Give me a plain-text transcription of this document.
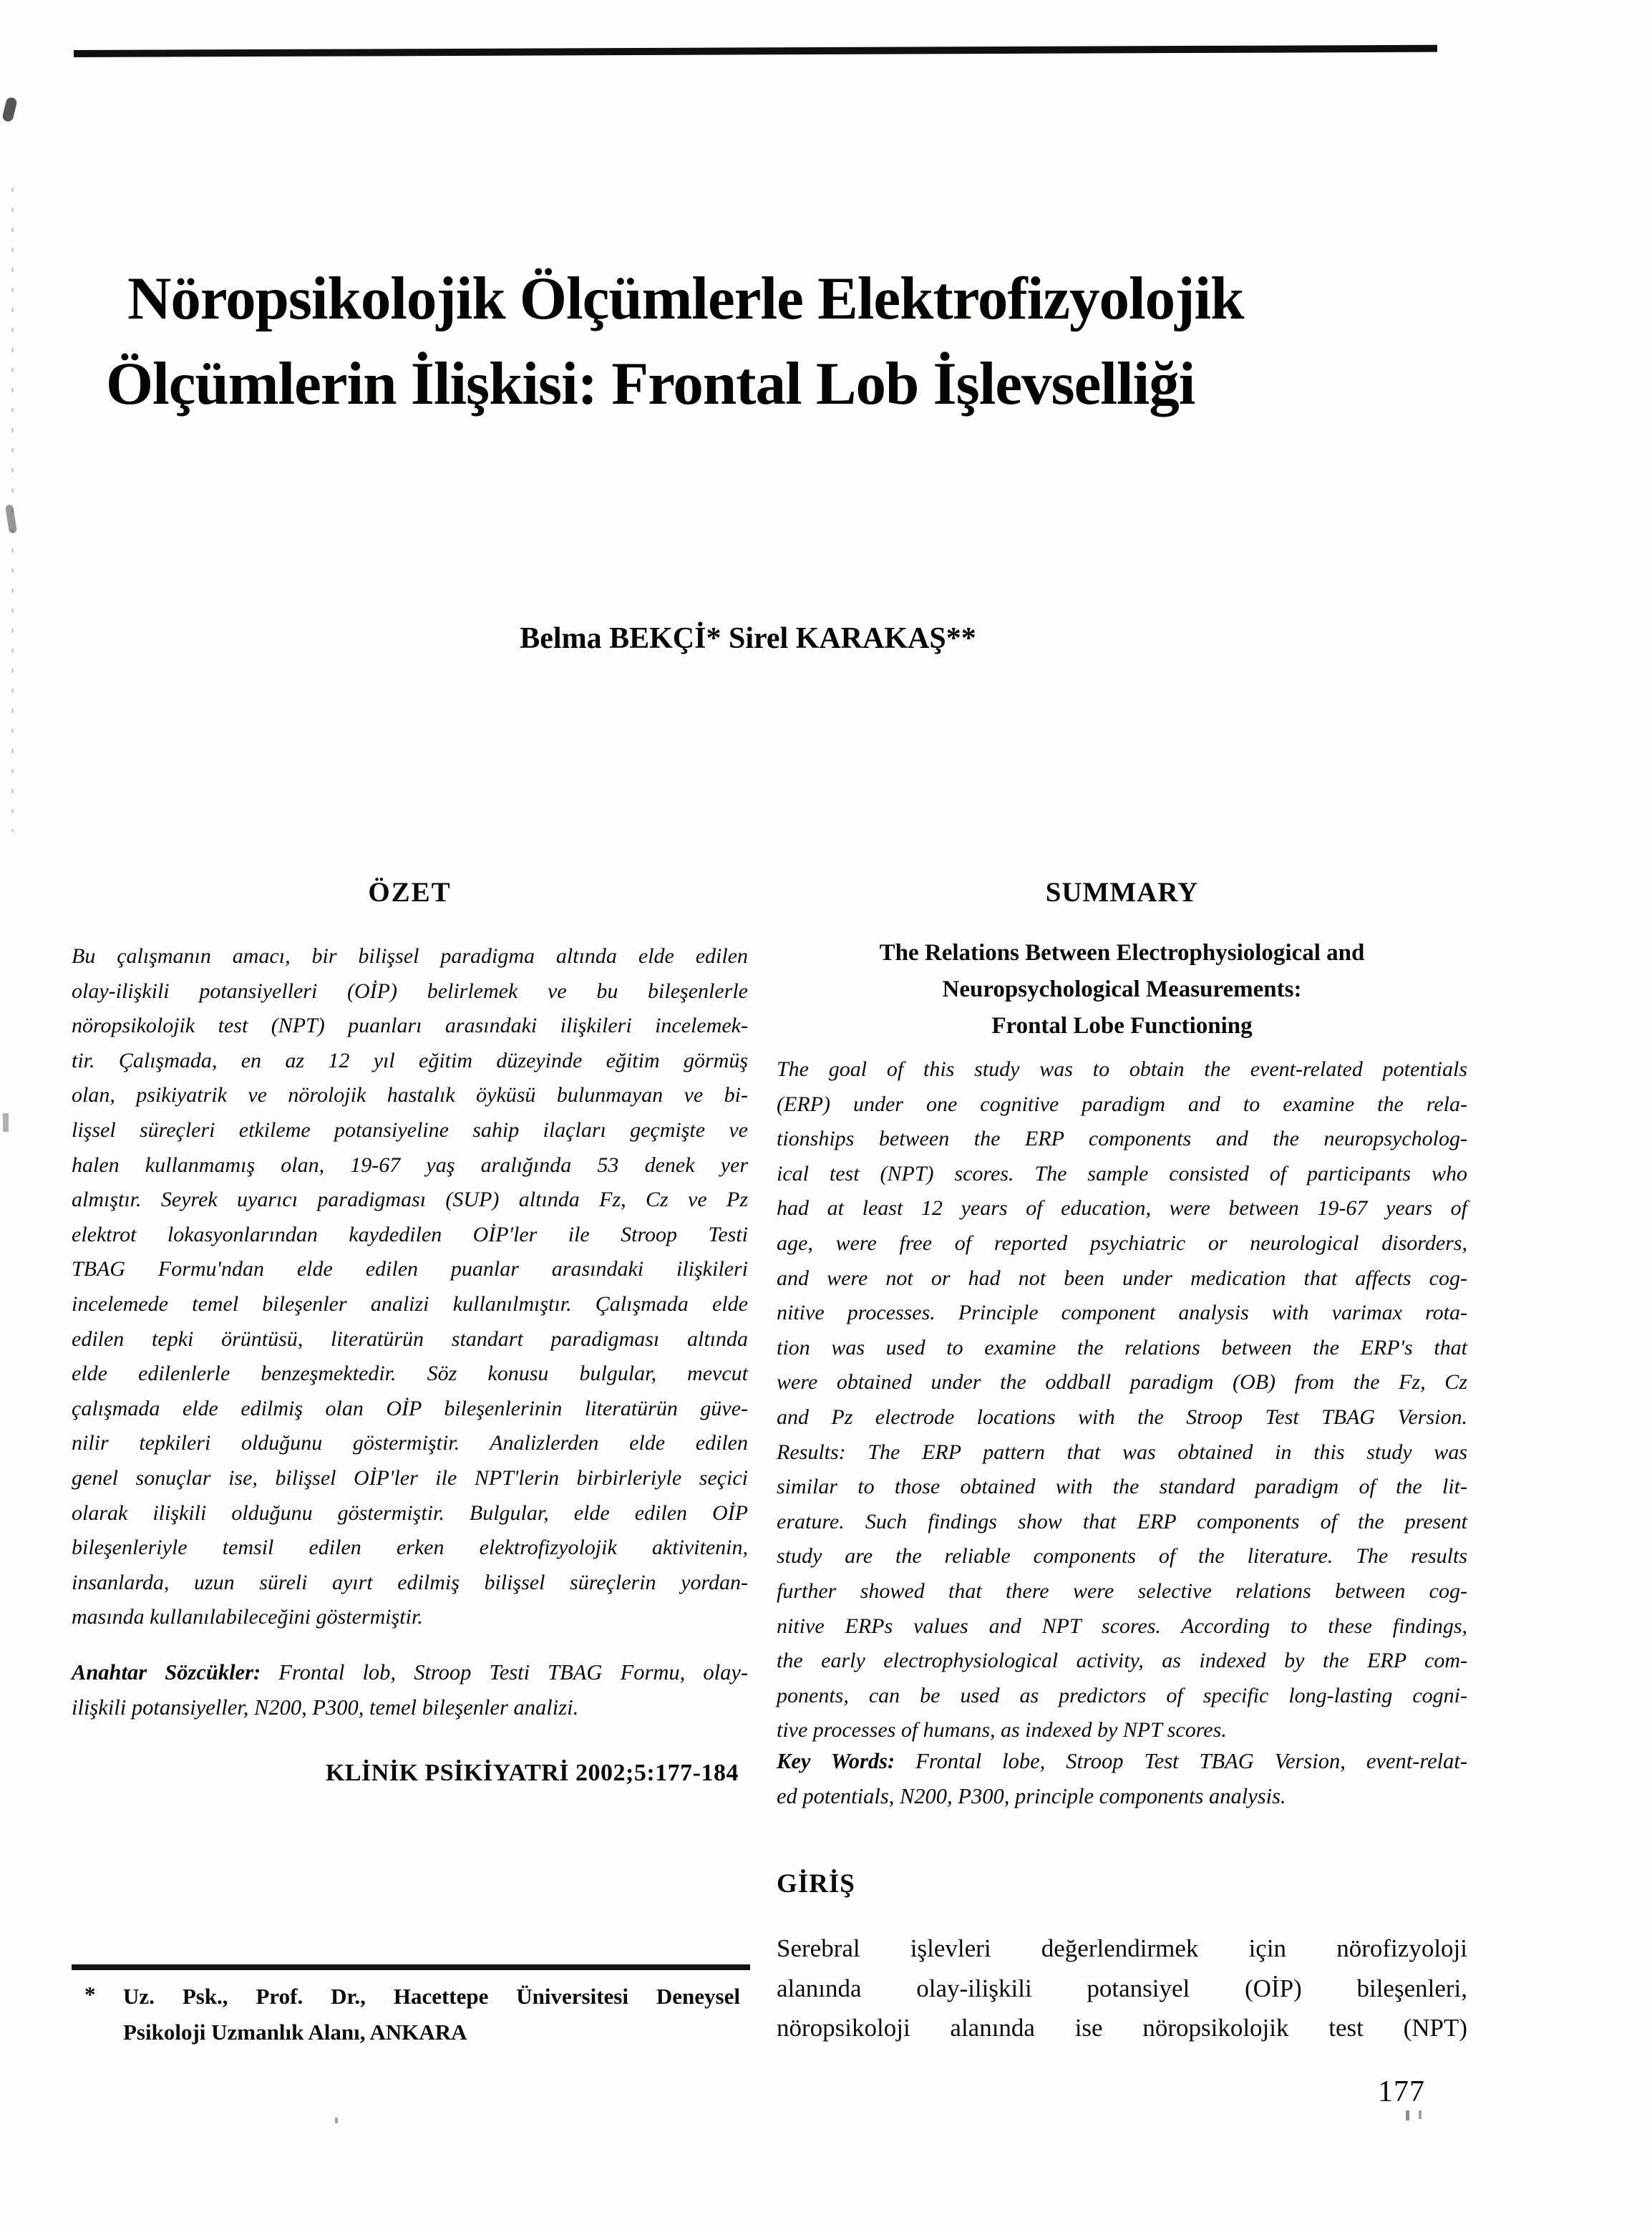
Nöropsikolojik Ölçümlerle Elektrofizyolojik
Ölçümlerin İlişkisi: Frontal Lob İşlevselliği
Belma BEKÇİ* Sirel KARAKAŞ**
ÖZET
Bu çalışmanın amacı, bir bilişsel paradigma altında elde edilen
olay-ilişkili potansiyelleri (OİP) belirlemek ve bu bileşenlerle
nöropsikolojik test (NPT) puanları arasındaki ilişkileri incelemek-
tir. Çalışmada, en az 12 yıl eğitim düzeyinde eğitim görmüş
olan, psikiyatrik ve nörolojik hastalık öyküsü bulunmayan ve bi-
lişsel süreçleri etkileme potansiyeline sahip ilaçları geçmişte ve
halen kullanmamış olan, 19-67 yaş aralığında 53 denek yer
almıştır. Seyrek uyarıcı paradigması (SUP) altında Fz, Cz ve Pz
elektrot lokasyonlarından kaydedilen OİP'ler ile Stroop Testi
TBAG Formu'ndan elde edilen puanlar arasındaki ilişkileri
incelemede temel bileşenler analizi kullanılmıştır. Çalışmada elde
edilen tepki örüntüsü, literatürün standart paradigması altında
elde edilenlerle benzeşmektedir. Söz konusu bulgular, mevcut
çalışmada elde edilmiş olan OİP bileşenlerinin literatürün güve-
nilir tepkileri olduğunu göstermiştir. Analizlerden elde edilen
genel sonuçlar ise, bilişsel OİP'ler ile NPT'lerin birbirleriyle seçici
olarak ilişkili olduğunu göstermiştir. Bulgular, elde edilen OİP
bileşenleriyle temsil edilen erken elektrofizyolojik aktivitenin,
insanlarda, uzun süreli ayırt edilmiş bilişsel süreçlerin yordan-
masında kullanılabileceğini göstermiştir.
Anahtar Sözcükler: Frontal lob, Stroop Testi TBAG Formu, olay-
ilişkili potansiyeller, N200, P300, temel bileşenler analizi.
KLİNİK PSİKİYATRİ 2002;5:177-184
SUMMARY
The Relations Between Electrophysiological and
Neuropsychological Measurements:
Frontal Lobe Functioning
The goal of this study was to obtain the event-related potentials
(ERP) under one cognitive paradigm and to examine the rela-
tionships between the ERP components and the neuropsycholog-
ical test (NPT) scores. The sample consisted of participants who
had at least 12 years of education, were between 19-67 years of
age, were free of reported psychiatric or neurological disorders,
and were not or had not been under medication that affects cog-
nitive processes. Principle component analysis with varimax rota-
tion was used to examine the relations between the ERP's that
were obtained under the oddball paradigm (OB) from the Fz, Cz
and Pz electrode locations with the Stroop Test TBAG Version.
Results: The ERP pattern that was obtained in this study was
similar to those obtained with the standard paradigm of the lit-
erature. Such findings show that ERP components of the present
study are the reliable components of the literature. The results
further showed that there were selective relations between cog-
nitive ERPs values and NPT scores. According to these findings,
the early electrophysiological activity, as indexed by the ERP com-
ponents, can be used as predictors of specific long-lasting cogni-
tive processes of humans, as indexed by NPT scores.
Key Words: Frontal lobe, Stroop Test TBAG Version, event-relat-
ed potentials, N200, P300, principle components analysis.
GİRİŞ
Serebral işlevleri değerlendirmek için nörofizyoloji
alanında olay-ilişkili potansiyel (OİP) bileşenleri,
nöropsikoloji alanında ise nöropsikolojik test (NPT)
* Uz. Psk., Prof. Dr., Hacettepe Üniversitesi Deneysel
Psikoloji Uzmanlık Alanı, ANKARA
177
